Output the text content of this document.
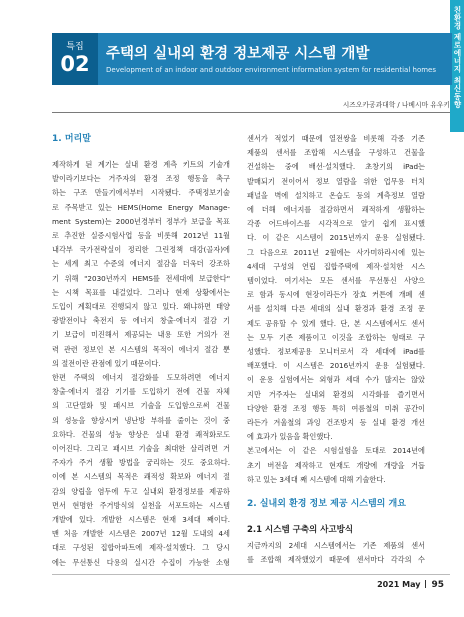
친환경 제로에너지 최신동향
특집
02	주택의 실내외 환경 정보제공 시스템 개발
Development of an indoor and outdoor environment information system for residential homes
시즈오카공과대학 / 나베시마 유우키
1. 머리말
제작하게 된 계기는 실내 환경 계측 키트의 기술개
발이라기보다는 거주자의 환경 조정 행동을 촉구
하는 구조 만들기에서부터 시작됐다. 주택정보기술
로 주목받고 있는 HEMS(Home Energy Manage-
ment System)는 2000년경부터 정부가 보급을 목표
로 추진한 실증시험사업 등을 비롯해 2012년 11월
내각부 국가전략실이 정리한 그린정책 대강(골자)에
는 세계 최고 수준의 에너지 절감을 더욱더 강조하
기 위해 "2030년까지 HEMS를 전세대에 보급한다"
는 시책 목표를 내걸었다. 그러나 현재 상황에서는
도입이 계획대로 진행되지 않고 있다. 왜냐하면 태양
광발전이나 축전지 등 에너지 창출·에너지 절감 기
기 보급이 미진해서 제공되는 내용 또한 거의가 전
력 관련 정보인 본 시스템의 목적이 에너지 절감 뿐
의 절전이란 관점에 있기 때문이다.
한편 주택의 에너지 절감화를 도모하려면 에너지
창출·에너지 절감 기기를 도입하기 전에 건물 자체
의 고단열화 및 패시브 기술을 도입함으로써 건물
의 성능을 향상시켜 냉난방 부하를 줄이는 것이 중
요하다. 건물의 성능 향상은 실내 환경 쾌적화로도
이어진다. 그리고 패시브 기술을 최대한 살리려면 거
주자가 주거 생활 방법을 궁리하는 것도 중요하다.
이에 본 시스템의 목적은 쾌적성 확보와 에너지 절
감의 양립을 염두에 두고 실내외 환경정보를 제공하
면서 현명한 주거방식의 실천을 서포트하는 시스템
개발에 있다. 개발한 시스템은 현재 3세대 째이다.
맨 처음 개발한 시스템은 2007년 12월 도내의 4세
대로 구성된 집합아파트에 제작·설치했다. 그 당시
에는 무선통신 다용의 실시간 수집이 가능한 소형
센서가 적었기 때문에 열전쌍을 비롯해 각종 기존
제품의 센서를 조합해 시스템을 구성하고 건물을
건설하는 중에 배선·설치했다. 초창기의 iPad는
발매되기 전이어서 정보 열람을 위한 업무용 터치
패널을 벽에 설치하고 온습도 등의 계측정보 열람
에 더해 에너지를 절감하면서 쾌적하게 생활하는
각종 어드바이스를 시각적으로 알기 쉽게 표시했
다. 이 같은 시스템이 2015년까지 운용 실험됐다.
그 다음으로 2011년 2월에는 사가미하라시에 있는
4세대 구성의 연립 집합주택에 제작·설치한 시스
템이었다. 여기서는 모든 센서를 무선통신 사양으
로 함과 동시에 현장이라든가 장효 커튼에 개폐 센
서를 설치해 다른 세대의 실내 환경과 환경 조정 문
제도 공유할 수 있게 했다. 단, 본 시스템에서도 센서
는 모두 기존 제품이고 이것을 조합하는 형태로 구
성했다. 정보제공용 모니터로서 각 세대에 iPad를
배포했다. 이 시스템은 2016년까지 운용 실험됐다.
이 운용 실험에서는 외형과 세대 수가 많지는 않았
지만 거주자는 실내외 환경의 시각화를 즐기면서
다양한 환경 조정 행동 특히 여름철의 미취 공간이
라든가 겨울철의 과잉 건조방지 등 실내 환경 개선
에 효과가 있음을 확인했다.
본고에서는 이 같은 시험실험을 토대로 2014년에
초기 버전을 제작하고 현재도 개량에 개량을 거듭
하고 있는 3세대 째 시스템에 대해 기술한다.
2. 실내외 환경 정보 제공 시스템의 개요
2.1 시스템 구축의 사고방식
지금까지의 2세대 시스템에서는 기존 제품의 센서
를 조합해 제작했었기 때문에 센서마다 각각의 수
2021 May 95
